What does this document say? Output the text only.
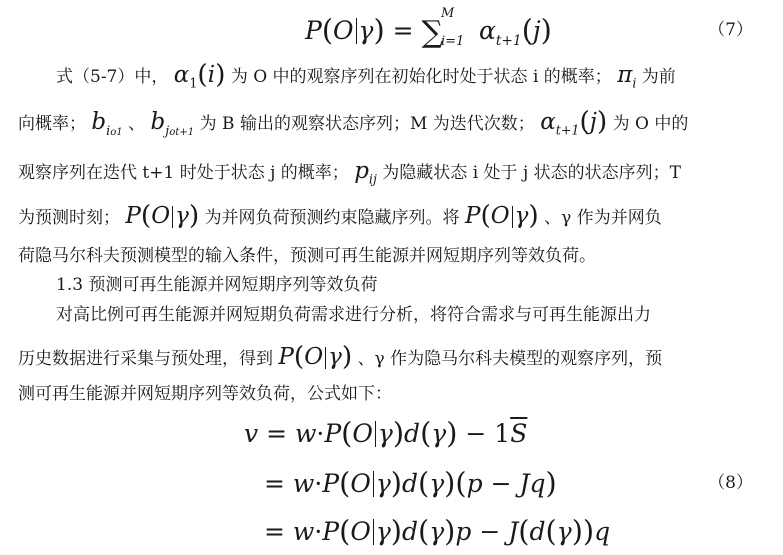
P(O γ) = ∑
M
i=1 $\alpha_{t+1}(j)$	（7）
式（5-7）中， $\alpha_1(i)$ 为 O 中的观察序列在初始化时处于状态 i 的概率； $\pi_i$ 为前
向概率； $b_{io1}$ 、 $b_{jot+1}$ 为 B 输出的观察状态序列；M 为迭代次数； $\alpha_{t+1}(j)$ 为 O 中的
观察序列在迭代 t+1 时处于状态 j 的概率； $p_{ij}$ 为隐藏状态 i 处于 j 状态的状态序列；T
为预测时刻； P(O γ) 为并网负荷预测约束隐藏序列。将 P(O γ) 、γ 作为并网负
荷隐马尔科夫预测模型的输入条件，预测可再生能源并网短期序列等效负荷。
1.3 预测可再生能源并网短期序列等效负荷
对高比例可再生能源并网短期负荷需求进行分析，将符合需求与可再生能源出力
历史数据进行采集与预处理，得到 P(O γ) 、γ 作为隐马尔科夫模型的观察序列，预
测可再生能源并网短期序列等效负荷，公式如下：
v = w·P(O $\gamma)d(\gamma) - 1\overline{S}$
= w·P(O γ)d(γ)(p − Jq)	（8）
= w·P(O γ)d(γ)p − J(d(γ))q
